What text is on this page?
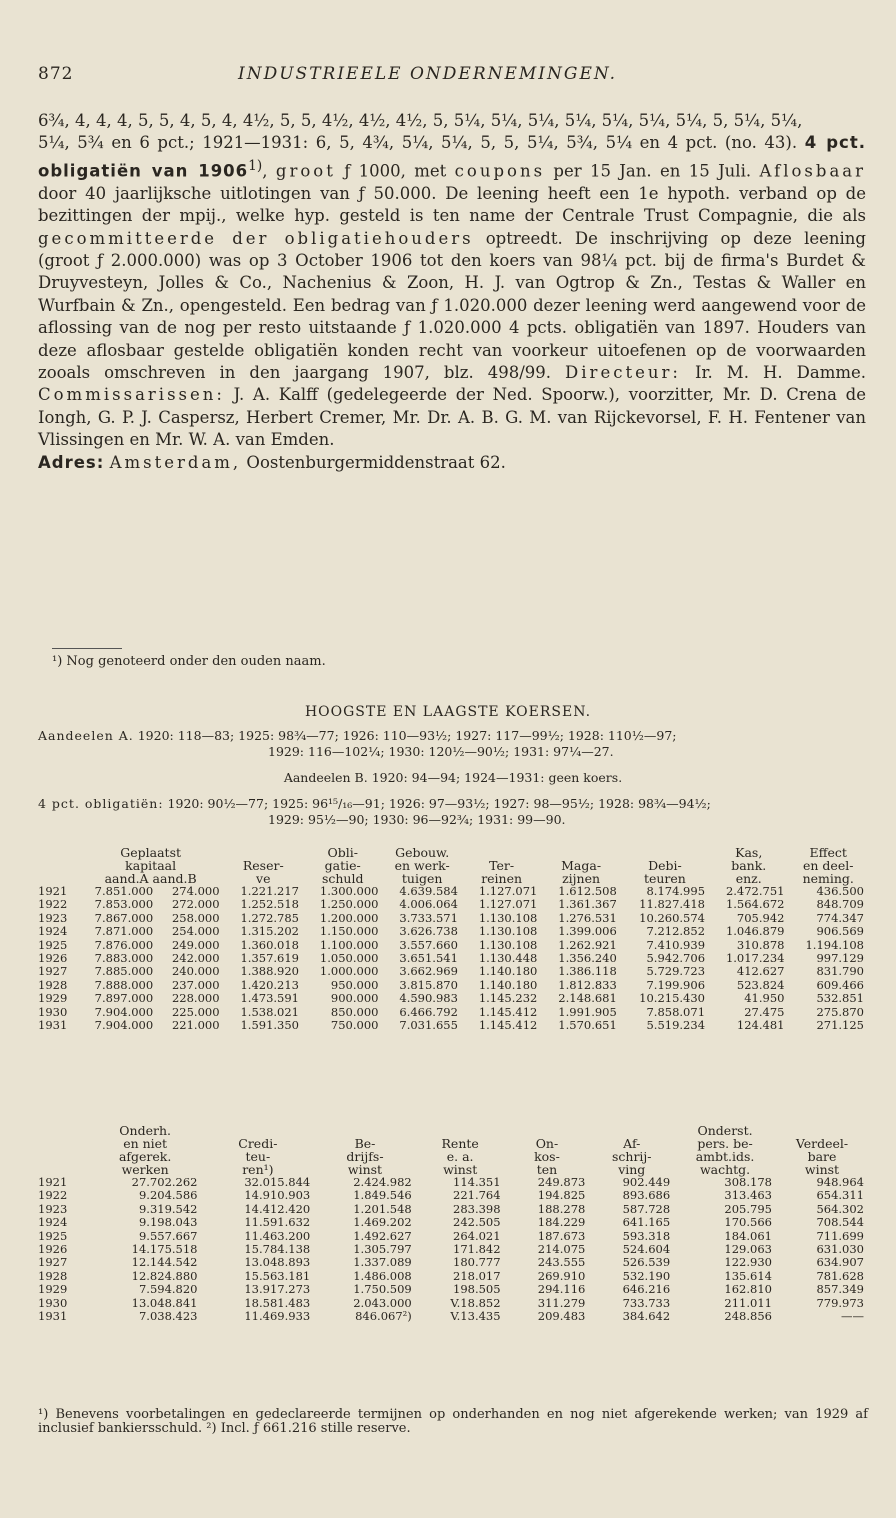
872	INDUSTRIEELE ONDERNEMINGEN.

6¾, 4, 4, 4, 5, 5, 4, 5, 4, 4½, 5, 5, 4½, 4½, 4½, 5, 5¼, 5¼, 5¼, 5¼, 5¼, 5¼, 5¼, 5, 5¼, 5¼,

5¼, 5¾ en 6 pct.; 1921—1931: 6, 5, 4¾, 5¼, 5¼, 5, 5, 5¼, 5¾, 5¼ en 4 pct. (no. 43). 4 pct. obligatiën van 1906$^{1)}$, groot ƒ 1000, met coupons per 15 Jan. en 15 Juli. Aflosbaar door 40 jaarlijksche uitlotingen van ƒ 50.000. De leening heeft een 1e hypoth. verband op de bezittingen der mpij., welke hyp. gesteld is ten name der Centrale Trust Compagnie, die als gecommitteerde der obligatiehouders optreedt. De inschrijving op deze leening (groot ƒ 2.000.000) was op 3 October 1906 tot den koers van 98¼ pct. bij de firma's Burdet & Druyvesteyn, Jolles & Co., Nachenius & Zoon, H. J. van Ogtrop & Zn., Testas & Waller en Wurfbain & Zn., opengesteld. Een bedrag van ƒ 1.020.000 dezer leening werd aangewend voor de aflossing van de nog per resto uitstaande ƒ 1.020.000 4 pcts. obligatiën van 1897. Houders van deze aflosbaar gestelde obligatiën konden recht van voorkeur uitoefenen op de voorwaarden zooals omschreven in den jaargang 1907, blz. 498/99. Directeur: Ir. M. H. Damme. Commissarissen: J. A. Kalff (gedelegeerde der Ned. Spoorw.), voorzitter, Mr. D. Crena de Iongh, G. P. J. Caspersz, Herbert Cremer, Mr. Dr. A. B. G. M. van Rijckevorsel, F. H. Fentener van Vlissingen en Mr. W. A. van Emden.

Adres: Amsterdam, Oostenburgermiddenstraat 62.

¹) Nog genoteerd onder den ouden naam.
HOOGSTE EN LAAGSTE KOERSEN.
Aandeelen A. 1920: 118—83; 1925: 98¾—77; 1926: 110—93½; 1927: 117—99½; 1928: 110½—97;
1929: 116—102¼; 1930: 120½—90½; 1931: 97¼—27.
Aandeelen B. 1920: 94—94; 1924—1931: geen koers.
4 pct. obligatiën: 1920: 90½—77; 1925: 96¹⁵/₁₆—91; 1926: 97—93½; 1927: 98—95½; 1928: 98¾—94½;
1929: 95½—90; 1930: 96—92¾; 1931: 99—90.
	Geplaatst			Obli-	Gebouw.				Kas,	Effect
	kapitaal		Reser-	gatie-	en werk-	Ter-	Maga-	Debi-	bank.	en deel-
	aand.A aand.B		ve	schuld	tuigen	reinen	zijnen	teuren	enz.	neming.
1921	7.851.000	274.000	1.221.217	1.300.000	4.639.584	1.127.071	1.612.508	8.174.995	2.472.751	436.500
1922	7.853.000	272.000	1.252.518	1.250.000	4.006.064	1.127.071	1.361.367	11.827.418	1.564.672	848.709
1923	7.867.000	258.000	1.272.785	1.200.000	3.733.571	1.130.108	1.276.531	10.260.574	705.942	774.347
1924	7.871.000	254.000	1.315.202	1.150.000	3.626.738	1.130.108	1.399.006	7.212.852	1.046.879	906.569
1925	7.876.000	249.000	1.360.018	1.100.000	3.557.660	1.130.108	1.262.921	7.410.939	310.878	1.194.108
1926	7.883.000	242.000	1.357.619	1.050.000	3.651.541	1.130.448	1.356.240	5.942.706	1.017.234	997.129
1927	7.885.000	240.000	1.388.920	1.000.000	3.662.969	1.140.180	1.386.118	5.729.723	412.627	831.790
1928	7.888.000	237.000	1.420.213	950.000	3.815.870	1.140.180	1.812.833	7.199.906	523.824	609.466
1929	7.897.000	228.000	1.473.591	900.000	4.590.983	1.145.232	2.148.681	10.215.430	41.950	532.851
1930	7.904.000	225.000	1.538.021	850.000	6.466.792	1.145.412	1.991.905	7.858.071	27.475	275.870
1931	7.904.000	221.000	1.591.350	750.000	7.031.655	1.145.412	1.570.651	5.519.234	124.481	271.125
	Onderh.						Onderst.	
	en niet	Credi-	Be-	Rente	On-	Af-	pers. be-	Verdeel-
	afgerek.	teu-	drijfs-	e. a.	kos-	schrij-	ambt.ids.	bare
	werken	ren¹)	winst	winst	ten	ving	wachtg.	winst
1921	27.702.262	32.015.844	2.424.982	114.351	249.873	902.449	308.178	948.964
1922	9.204.586	14.910.903	1.849.546	221.764	194.825	893.686	313.463	654.311
1923	9.319.542	14.412.420	1.201.548	283.398	188.278	587.728	205.795	564.302
1924	9.198.043	11.591.632	1.469.202	242.505	184.229	641.165	170.566	708.544
1925	9.557.667	11.463.200	1.492.627	264.021	187.673	593.318	184.061	711.699
1926	14.175.518	15.784.138	1.305.797	171.842	214.075	524.604	129.063	631.030
1927	12.144.542	13.048.893	1.337.089	180.777	243.555	526.539	122.930	634.907
1928	12.824.880	15.563.181	1.486.008	218.017	269.910	532.190	135.614	781.628
1929	7.594.820	13.917.273	1.750.509	198.505	294.116	646.216	162.810	857.349
1930	13.048.841	18.581.483	2.043.000	V.18.852	311.279	733.733	211.011	779.973
1931	7.038.423	11.469.933	846.067²)	V.13.435	209.483	384.642	248.856	——
¹) Benevens voorbetalingen en gedeclareerde termijnen op onderhanden en nog niet afgerekende werken; van 1929 af inclusief bankiersschuld. ²) Incl. ƒ 661.216 stille reserve.
